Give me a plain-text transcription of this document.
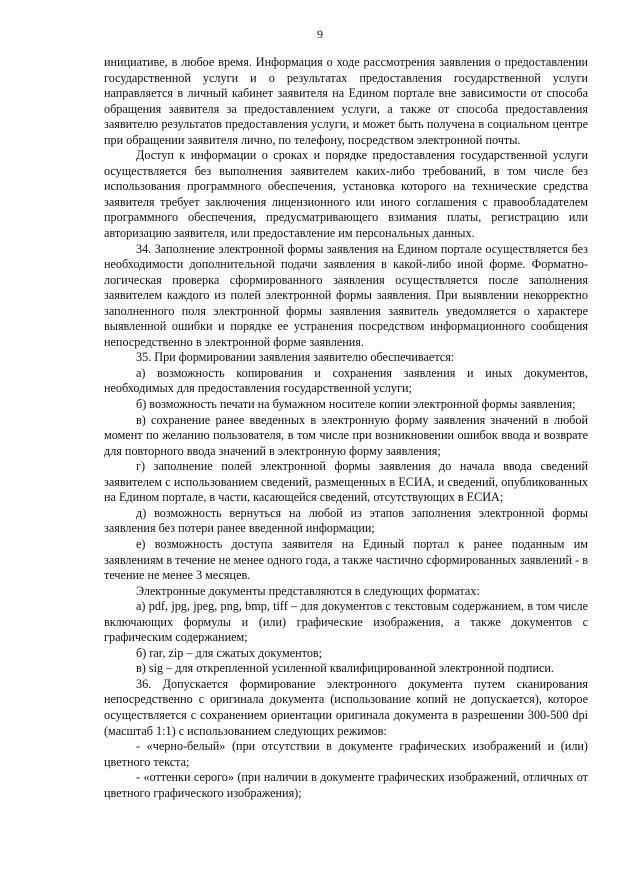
9

инициативе, в любое время. Информация о ходе рассмотрения заявления о предоставлении государственной услуги и о результатах предоставления государственной услуги направляется в личный кабинет заявителя на Едином портале вне зависимости от способа обращения заявителя за предоставлением услуги, а также от способа предоставления заявителю результатов предоставления услуги, и может быть получена в социальном центре при обращении заявителя лично, по телефону, посредством электронной почты.

Доступ к информации о сроках и порядке предоставления государственной услуги осуществляется без выполнения заявителем каких-либо требований, в том числе без использования программного обеспечения, установка которого на технические средства заявителя требует заключения лицензионного или иного соглашения с правообладателем программного обеспечения, предусматривающего взимания платы, регистрацию или авторизацию заявителя, или предоставление им персональных данных.

34. Заполнение электронной формы заявления на Едином портале осуществляется без необходимости дополнительной подачи заявления в какой-либо иной форме. Форматно-логическая проверка сформированного заявления осуществляется после заполнения заявителем каждого из полей электронной формы заявления. При выявлении некорректно заполненного поля электронной формы заявления заявитель уведомляется о характере выявленной ошибки и порядке ее устранения посредством информационного сообщения непосредственно в электронной форме заявления.

35. При формировании заявления заявителю обеспечивается:

а) возможность копирования и сохранения заявления и иных документов, необходимых для предоставления государственной услуги;

б) возможность печати на бумажном носителе копии электронной формы заявления;

в) сохранение ранее введенных в электронную форму заявления значений в любой момент по желанию пользователя, в том числе при возникновении ошибок ввода и возврате для повторного ввода значений в электронную форму заявления;

г) заполнение полей электронной формы заявления до начала ввода сведений заявителем с использованием сведений, размещенных в ЕСИА, и сведений, опубликованных на Едином портале, в части, касающейся сведений, отсутствующих в ЕСИА;

д) возможность вернуться на любой из этапов заполнения электронной формы заявления без потери ранее введенной информации;

е) возможность доступа заявителя на Единый портал к ранее поданным им заявлениям в течение не менее одного года, а также частично сформированных заявлений - в течение не менее 3 месяцев.

Электронные документы представляются в следующих форматах:

а) pdf, jpg, jpeg, png, bmp, tiff – для документов с текстовым содержанием, в том числе включающих формулы и (или) графические изображения, а также документов с графическим содержанием;

б) rar, zip – для сжатых документов;

в) sig – для открепленной усиленной квалифицированной электронной подписи.

36. Допускается формирование электронного документа путем сканирования непосредственно с оригинала документа (использование копий не допускается), которое осуществляется с сохранением ориентации оригинала документа в разрешении 300-500 dpi (масштаб 1:1) с использованием следующих режимов:

- «черно-белый» (при отсутствии в документе графических изображений и (или) цветного текста;

- «оттенки серого» (при наличии в документе графических изображений, отличных от цветного графического изображения);
